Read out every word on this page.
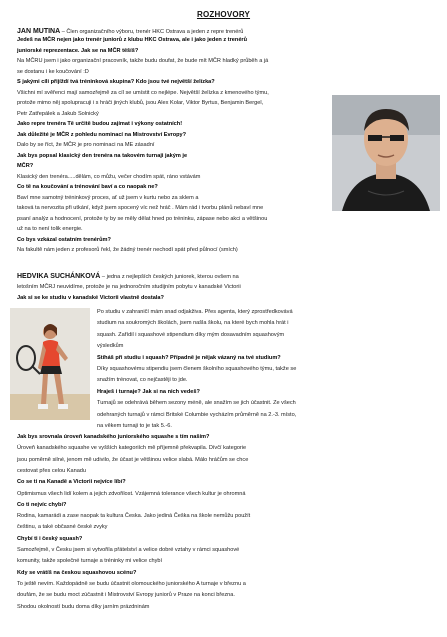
ROZHOVORY
JAN MUTINA – Člen organizačního výboru, trenér HKC Ostrava a jeden z repre trenérů
Jedeš na MČR nejen jako trenér juniorů z klubu HKC Ostrava, ale i jako jeden z trenérů
juniorské reprezentace. Jak se na MČR těšíš?
Na MČRU jsem i jako organizační pracovník, takže budu doufat, že bude mít MČR hladký průběh a já
se dostanu i ke koučování :D
S jakými cíli přijíždí tvá tréninková skupina? Kdo jsou tvé největší želízka?
Všichni mí svěřenci mají samozřejmě za cíl se umístit co nejlépe. Největší želízka z kmenového týmu,
protože mimo něj spolupracuji i s hráči jiných klubů, jsou Alex Kolar, Viktor Byrtus, Benjamin Bergel,
Petr Zatřepálek a Jakub Solnický
Jako repre trenéra Tě určitě budou zajímat i výkony ostatních!
Jak důležité je MČR z pohledu nominací na Mistrovství Evropy?
Dalo by se říct, že MČR je pro nominaci na ME zásadní
Jak bys popsal klasický den trenéra na takovém turnaji jakým je
MČR?
Klasický den trenéra.....dělám, co můžu, večer chodím spát, ráno vstávám
Co tě na koučování a trénování baví a co naopak ne?
Baví mne samotný tréninkový proces, ať už jsem v kurtu nebo za sklem a
taková ta nervozita při utkání, když jsem spocený víc než hráč . Mám rád i tvorbu plánů nebaví mne
psaní analýz a hodnocení, protože ty by se měly dělat hned po tréninku, zápase nebo akci a většinou
už na to není tolik energie.
Co bys vzkázal ostatním trenérům?
Na fakultě nám jeden z profesorů řekl, že žádný trenér nechodí spát před půlnocí (smích)
HEDVIKA SUCHÁNKOVÁ – jedna z nejlepších českých juniorek, kterou ovšem na
letošním MČRJ neuvidíme, protože je na jednoročním studijním pobytu v kanadské Victorii
Jak si se ke studiu v kanadské Victorii vlastně dostala?
Po studiu v zahraničí mám snad odjakživa. Přes agenta, který zprostředkovává
studium na soukromých školách, jsem našla školu, na které bych mohla hrát i
squash. Zařídil i squashové stipendium díky mým dosavadním squashovým
výsledkům
Stíháš při studiu i squash? Případně je nějak vázaný na tvé studium?
Díky squashovému stipendiu jsem členem školního squashového týmu, takže se
snažím trénovat, co nejčastěji to jde.
Hraješ i turnaje? Jak si na nich vedeš?
Turnajů se odehrává během sezony méně, ale snažím se jich účastnit. Ze všech
odehraných turnajů v rámci Britské Columbie vycházím průměrně na 2.-3. místo,
na věkem turnaji to je tak 5.-6.
Jak bys srovnala úroveň kanadského juniorského squashe s tím naším?
Úroveň kanadského squashe ve vyšších kategoriích mě příjemně překvapila. Dívčí kategorie
jsou poměrně silné, jenom mě udivilo, že účast je většinou velice slabá. Málo hráčům se chce
cestovat přes celou Kanadu
Co se ti na Kanadě a Victorii nejvíce líbí?
Optimismus všech lidí kolem a jejich zdvořilost. Vzájemná tolerance všech kultur je ohromná
Co ti nejvíc chybí?
Rodina, kamarádi a zase naopak ta kultura Česka. Jako jediná Češka na škole nemůžu použít
češtinu, a také občasné české zvyky
Chybí ti i český squash?
Samozřejmě, v Česku jsem si vytvořila přátelství a velice dobré vztahy v rámci squashové
komunity, takže společné turnaje a tréninky mi velice chybí
Kdy se vrátíš na českou squashovou scénu?
To ještě nevím. Každopádně se budu účastnit olomouckého juniorského A turnaje v březnu a
doufám, že se budu moct zúčastnit i Mistrovství Evropy juniorů v Praze na konci března.
Shodou okolností budu doma díky jarním prázdninám
